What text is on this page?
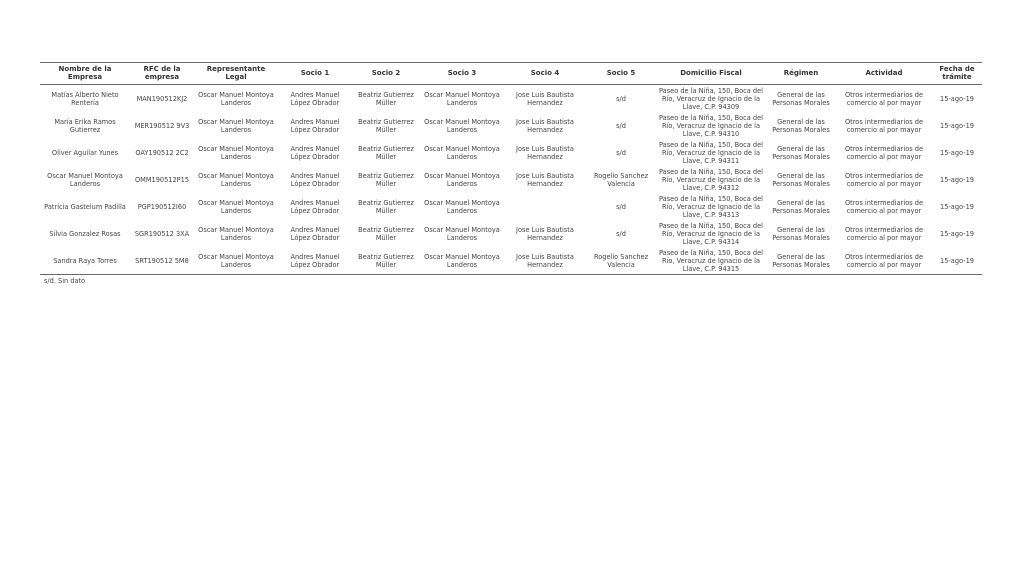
Nombre de la Empresa	RFC de la empresa	Representante Legal	Socio 1	Socio 2	Socio 3	Socio 4	Socio 5	Domicilio Fiscal	Régimen	Actividad	Fecha de trámite
Matías Alberto Nieto Rentería	MAN190512KJ2	Oscar Manuel Montoya Landeros	Andres Manuel López Obrador	Beatriz Gutierrez Müller	Oscar Manuel Montoya Landeros	Jose Luis Bautista Hernandez	s/d	Paseo de la Niña, 150, Boca del Río, Veracruz de Ignacio de la Llave, C.P. 94309	General de las Personas Morales	Otros intermediarios de comercio al por mayor	15-ago-19
María Erika Ramos Gutierrez	MER190512 9V3	Oscar Manuel Montoya Landeros	Andres Manuel López Obrador	Beatriz Gutierrez Müller	Oscar Manuel Montoya Landeros	Jose Luis Bautista Hernandez	s/d	Paseo de la Niña, 150, Boca del Río, Veracruz de Ignacio de la Llave, C.P. 94310	General de las Personas Morales	Otros intermediarios de comercio al por mayor	15-ago-19
Oliver Aguilar Yunes	OAY190512 2C2	Oscar Manuel Montoya Landeros	Andres Manuel López Obrador	Beatriz Gutierrez Müller	Oscar Manuel Montoya Landeros	Jose Luis Bautista Hernandez	s/d	Paseo de la Niña, 150, Boca del Río, Veracruz de Ignacio de la Llave, C.P. 94311	General de las Personas Morales	Otros intermediarios de comercio al por mayor	15-ago-19
Oscar Manuel Montoya Landeros	OMM190512P15	Oscar Manuel Montoya Landeros	Andres Manuel López Obrador	Beatriz Gutierrez Müller	Oscar Manuel Montoya Landeros	Jose Luis Bautista Hernandez	Rogelio Sanchez Valencia	Paseo de la Niña, 150, Boca del Río, Veracruz de Ignacio de la Llave, C.P. 94312	General de las Personas Morales	Otros intermediarios de comercio al por mayor	15-ago-19
Patricia Gastelum Padilla	PGP190512I60	Oscar Manuel Montoya Landeros	Andres Manuel López Obrador	Beatriz Gutierrez Müller	Oscar Manuel Montoya Landeros		s/d	Paseo de la Niña, 150, Boca del Río, Veracruz de Ignacio de la Llave, C.P. 94313	General de las Personas Morales	Otros intermediarios de comercio al por mayor	15-ago-19
Silvia Gonzalez Rosas	SGR190512 3XA	Oscar Manuel Montoya Landeros	Andres Manuel López Obrador	Beatriz Gutierrez Müller	Oscar Manuel Montoya Landeros	Jose Luis Bautista Hernandez	s/d	Paseo de la Niña, 150, Boca del Río, Veracruz de Ignacio de la Llave, C.P. 94314	General de las Personas Morales	Otros intermediarios de comercio al por mayor	15-ago-19
Sandra Raya Torres	SRT190512 5M8	Oscar Manuel Montoya Landeros	Andres Manuel López Obrador	Beatriz Gutierrez Müller	Oscar Manuel Montoya Landeros	Jose Luis Bautista Hernandez	Rogelio Sanchez Valencia	Paseo de la Niña, 150, Boca del Río, Veracruz de Ignacio de la Llave, C.P. 94315	General de las Personas Morales	Otros intermediarios de comercio al por mayor	15-ago-19
s/d. Sin dato
